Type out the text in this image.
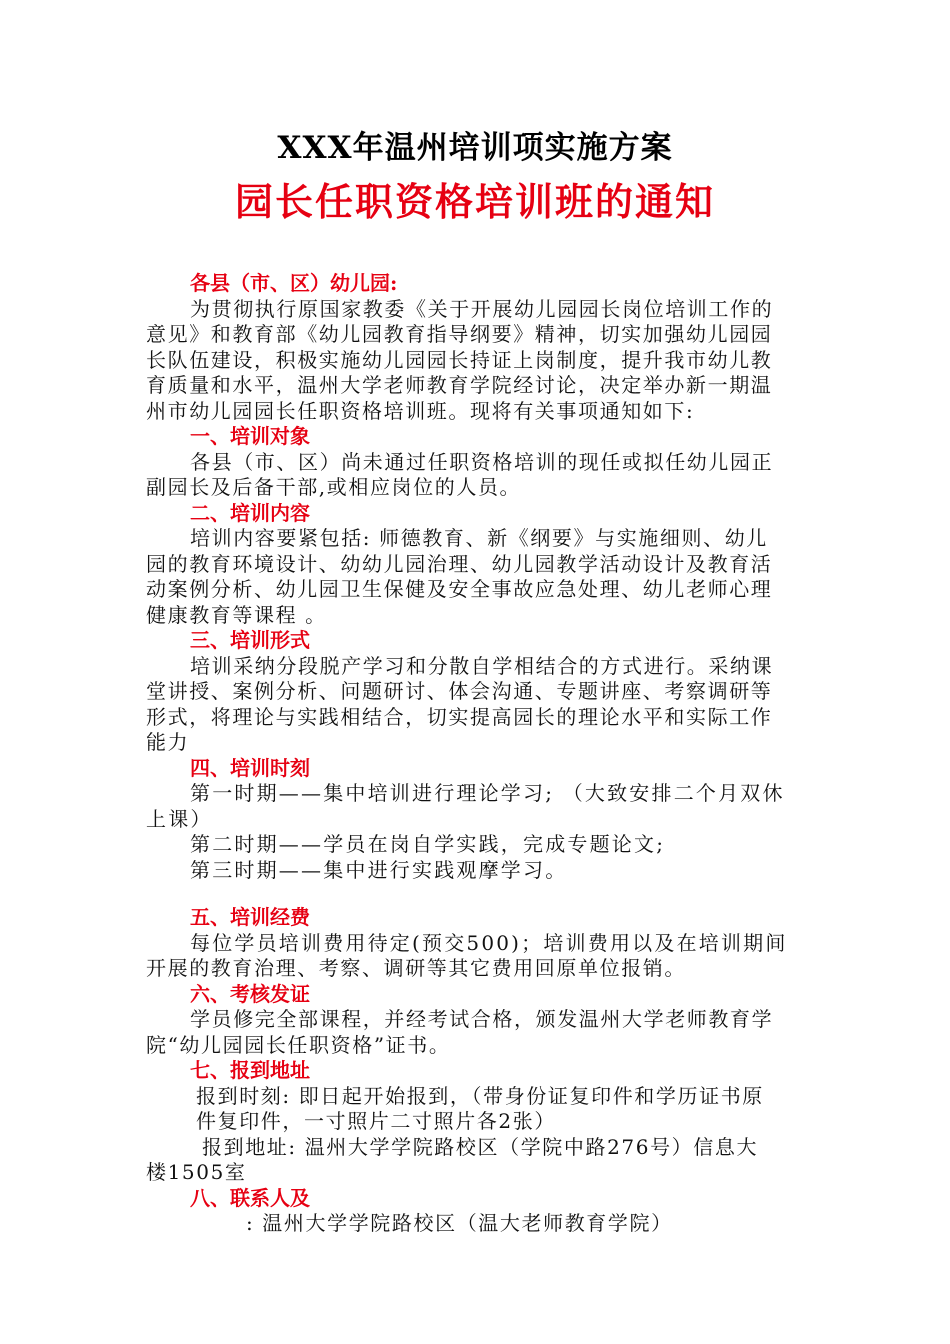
XXX年温州培训项实施方案
园长任职资格培训班的通知
各县（市、区）幼儿园:
为贯彻执行原国家教委《关于开展幼儿园园长岗位培训工作的
意见》和教育部《幼儿园教育指导纲要》精神，切实加强幼儿园园
长队伍建设，积极实施幼儿园园长持证上岗制度，提升我市幼儿教
育质量和水平，温州大学老师教育学院经讨论，决定举办新一期温
州市幼儿园园长任职资格培训班。现将有关事项通知如下:
一、培训对象
各县（市、区）尚未通过任职资格培训的现任或拟任幼儿园正
副园长及后备干部,或相应岗位的人员。
二、培训内容
培训内容要紧包括: 师德教育、新《纲要》与实施细则、幼儿
园的教育环境设计、幼幼儿园治理、幼儿园教学活动设计及教育活
动案例分析、幼儿园卫生保健及安全事故应急处理、幼儿老师心理
健康教育等课程 。
三、培训形式
培训采纳分段脱产学习和分散自学相结合的方式进行。采纳课
堂讲授、案例分析、问题研讨、体会沟通、专题讲座、考察调研等
形式，将理论与实践相结合，切实提高园长的理论水平和实际工作
能力
四、培训时刻
第一时期——集中培训进行理论学习; （大致安排二个月双休
上课）
第二时期——学员在岗自学实践，完成专题论文;
第三时期——集中进行实践观摩学习。
五、培训经费
每位学员培训费用待定(预交500)；培训费用以及在培训期间
开展的教育治理、考察、调研等其它费用回原单位报销。
六、考核发证
学员修完全部课程，并经考试合格，颁发温州大学老师教育学
院“幼儿园园长任职资格”证书。
七、报到地址
报到时刻: 即日起开始报到，（带身份证复印件和学历证书原
件复印件，一寸照片二寸照片各2张）
报到地址: 温州大学学院路校区（学院中路276号）信息大
楼1505室
八、联系人及
: 温州大学学院路校区（温大老师教育学院）
